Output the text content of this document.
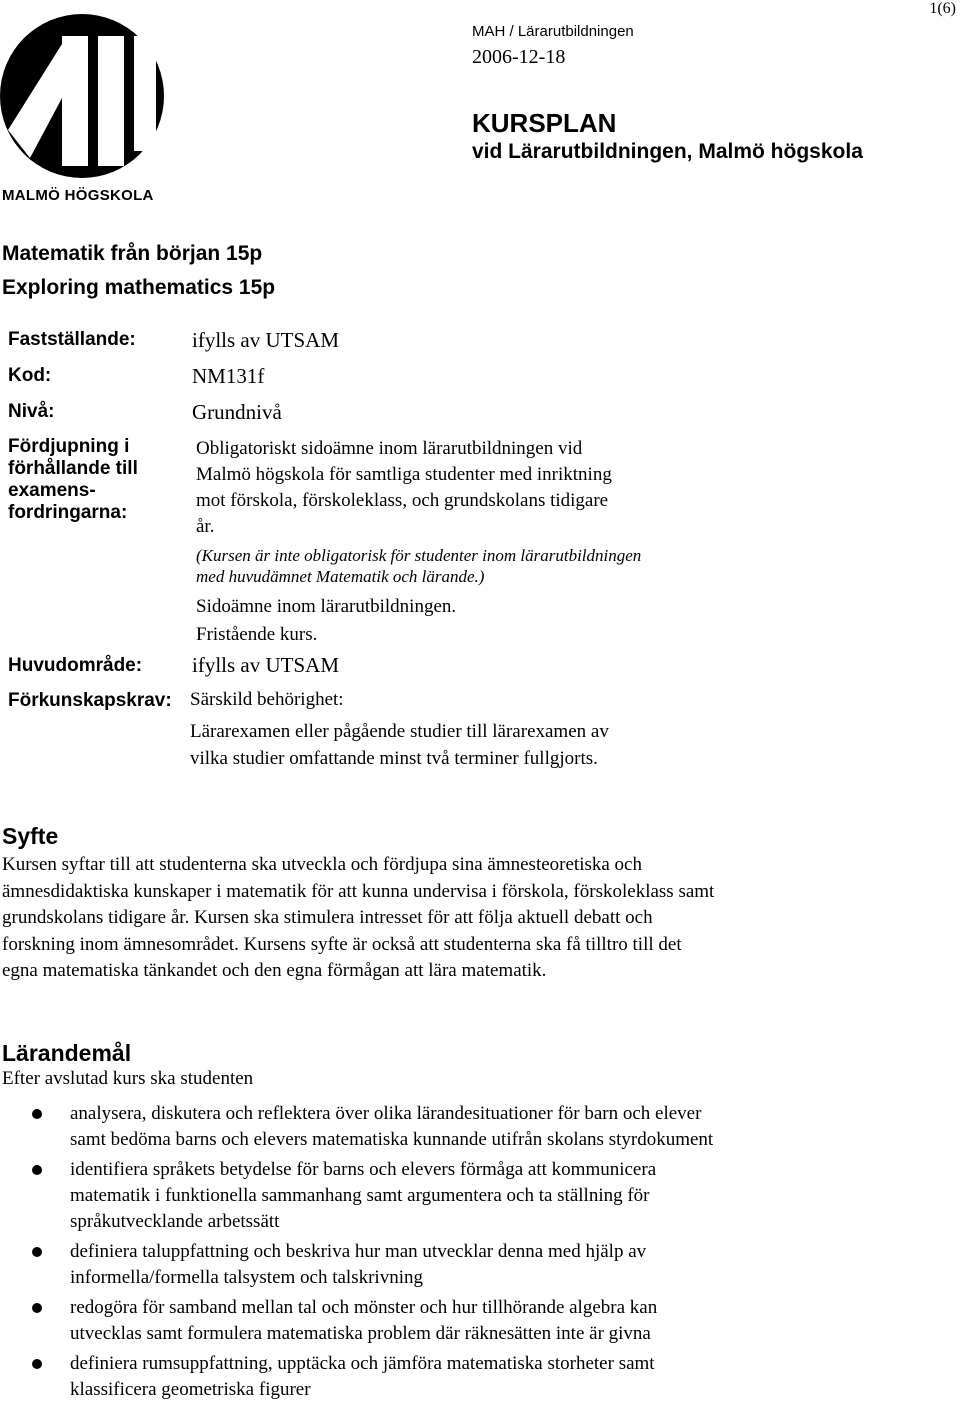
1(6)
MALMÖ HÖGSKOLA
MAH / Lärarutbildningen
2006-12-18
KURSPLAN
vid Lärarutbildningen, Malmö högskola
Matematik från början 15p
Exploring mathematics 15p
Fastställande:	ifylls av UTSAM
Kod:	NM131f
Nivå:	Grundnivå
Fördjupning i
förhållande till
examens-
fordringarna:
Obligatoriskt sidoämne inom lärarutbildningen vid
Malmö högskola för samtliga studenter med inriktning
mot förskola, förskoleklass, och grundskolans tidigare
år.
(Kursen är inte obligatorisk för studenter inom lärarutbildningen
med huvudämnet Matematik och lärande.)
Sidoämne inom lärarutbildningen.
Fristående kurs.
Huvudområde: ifylls av UTSAM
Förkunskapskrav: Särskild behörighet:
Lärarexamen eller pågående studier till lärarexamen av
vilka studier omfattande minst två terminer fullgjorts.
Syfte
Kursen syftar till att studenterna ska utveckla och fördjupa sina ämnesteoretiska och
ämnesdidaktiska kunskaper i matematik för att kunna undervisa i förskola, förskoleklass samt
grundskolans tidigare år. Kursen ska stimulera intresset för att följa aktuell debatt och
forskning inom ämnesområdet. Kursens syfte är också att studenterna ska få tilltro till det
egna matematiska tänkandet och den egna förmågan att lära matematik.
Lärandemål
Efter avslutad kurs ska studenten
analysera, diskutera och reflektera över olika lärandesituationer för barn och elever
samt bedöma barns och elevers matematiska kunnande utifrån skolans styrdokument
identifiera språkets betydelse för barns och elevers förmåga att kommunicera
matematik i funktionella sammanhang samt argumentera och ta ställning för
språkutvecklande arbetssätt
definiera taluppfattning och beskriva hur man utvecklar denna med hjälp av
informella/formella talsystem och talskrivning
redogöra för samband mellan tal och mönster och hur tillhörande algebra kan
utvecklas samt formulera matematiska problem där räknesätten inte är givna
definiera rumsuppfattning, upptäcka och jämföra matematiska storheter samt
klassificera geometriska figurer
